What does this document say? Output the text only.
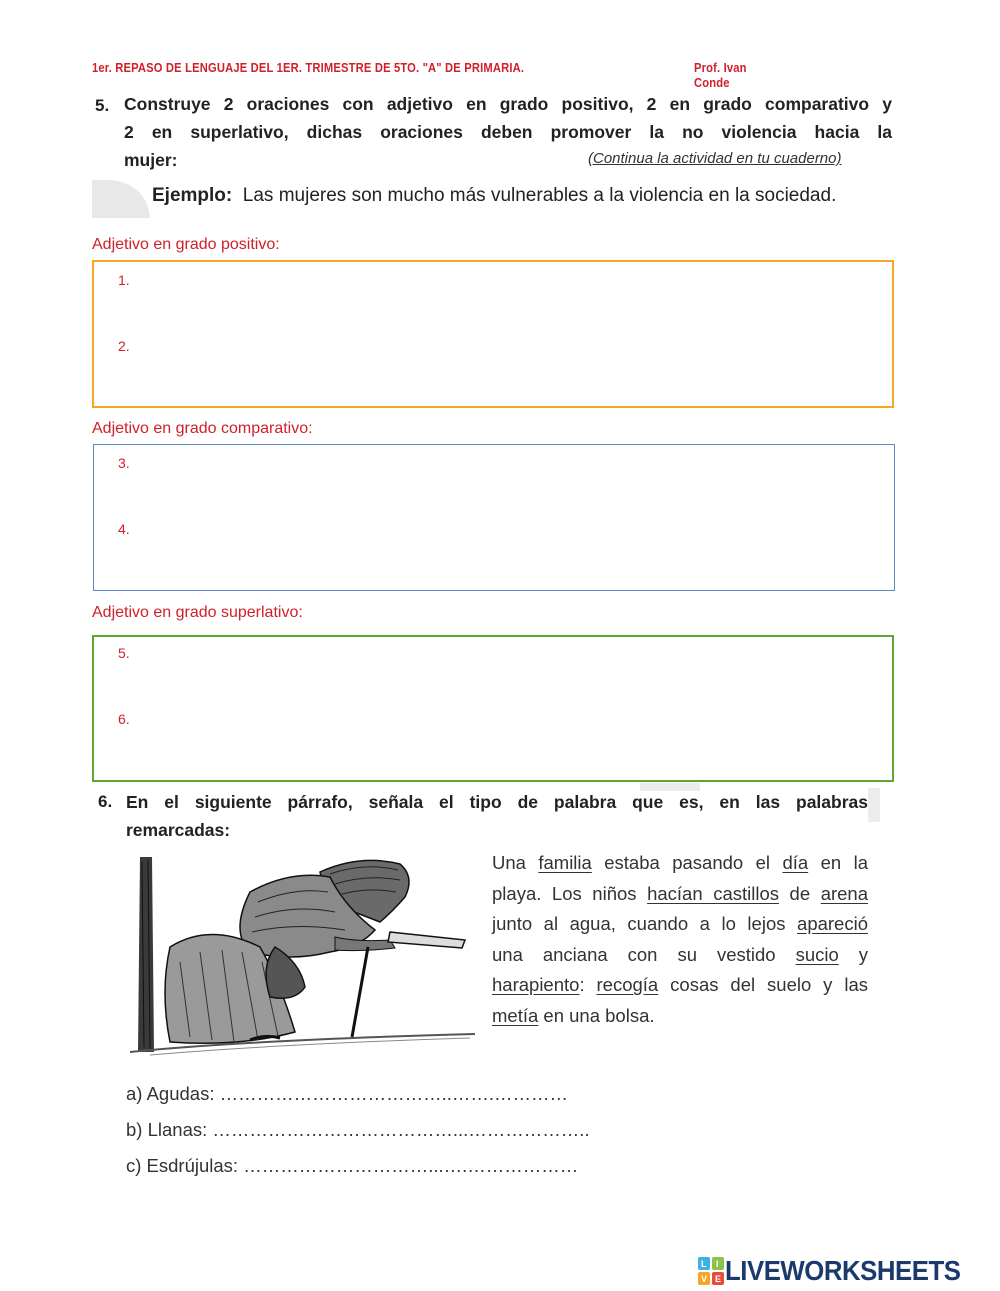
1er. REPASO DE LENGUAJE DEL 1ER. TRIMESTRE DE 5TO. "A" DE PRIMARIA.	Prof. Ivan Conde
5. Construye 2 oraciones con adjetivo en grado positivo, 2 en grado comparativo y
2 en superlativo, dichas oraciones deben promover la no violencia hacia la
mujer:	(Continua la actividad en tu cuaderno)
Ejemplo: Las mujeres son mucho más vulnerables a la violencia en la sociedad.
Adjetivo en grado positivo:
1.
2.
Adjetivo en grado comparativo:
3.
4.
Adjetivo en grado superlativo:
5.
6.
6. En el siguiente párrafo, señala el tipo de palabra que es, en las palabras
remarcadas:
Una familia estaba pasando el día en la
playa. Los niños hacían castillos de arena
junto al agua, cuando a lo lejos apareció
una anciana con su vestido sucio y
harapiento: recogía cosas del suelo y las
metía en una bolsa.
a) Agudas: ………………………………..…….…………
b) Llanas: …………………………………...………………..
c) Esdrújulas: …………………………...….………………
L I
V E LIVEWORKSHEETS
